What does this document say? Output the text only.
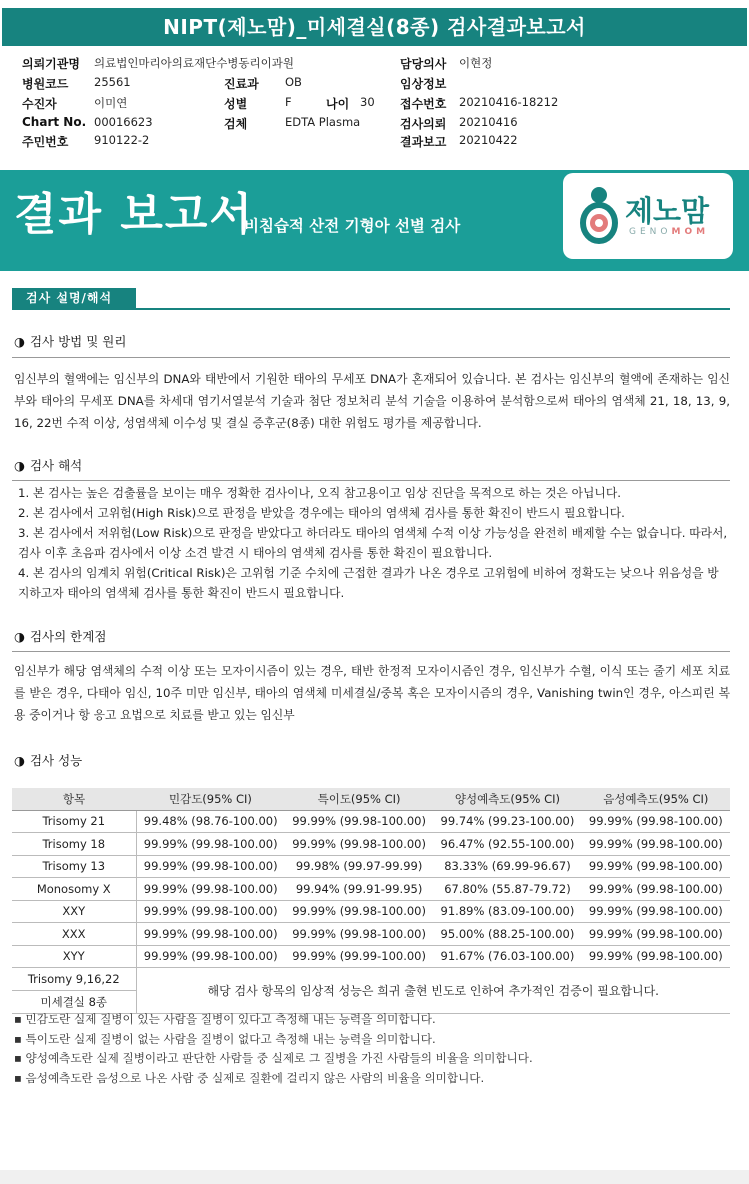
NIPT(제노맘)_미세결실(8종) 검사결과보고서
의뢰기관명 의료법인마리아의료재단수병동리이과원	담당의사 이현정
병원코드 25561	진료과 OB	임상정보
수진자	이미연	성별	F	나이 30 접수번호 20210416-18212
Chart No. 00016623	검체	EDTA Plasma	검사의뢰 20210416
주민번호 910122-2	결과보고 20210422
결과 보고서
비침습적 산전 기형아 선별 검사	제노맘
GENOMOM
검사 설명/해석
◑ 검사 방법 및 원리
임신부의 혈액에는 임신부의 DNA와 태반에서 기원한 태아의 무세포 DNA가 혼재되어 있습니다. 본 검사는 임신부의 혈액에 존재하는 임신부와 태아의 무세포 DNA를 차세대 염기서열분석 기술과 첨단 정보처리 분석 기술을 이용하여 분석함으로써 태아의 염색체 21, 18, 13, 9, 16, 22번 수적 이상, 성염색체 이수성 및 결실 증후군(8종) 대한 위험도 평가를 제공합니다.
◑ 검사 해석
1. 본 검사는 높은 검출률을 보이는 매우 정확한 검사이나, 오직 참고용이고 임상 진단을 목적으로 하는 것은 아닙니다.
2. 본 검사에서 고위험(High Risk)으로 판정을 받았을 경우에는 태아의 염색체 검사를 통한 확진이 반드시 필요합니다.
3. 본 검사에서 저위험(Low Risk)으로 판정을 받았다고 하더라도 태아의 염색체 수적 이상 가능성을 완전히 배제할 수는 없습니다. 따라서, 검사 이후 초음파 검사에서 이상 소견 발견 시 태아의 염색체 검사를 통한 확진이 필요합니다.
4. 본 검사의 임계치 위험(Critical Risk)은 고위험 기준 수치에 근접한 결과가 나온 경우로 고위험에 비하여 정확도는 낮으나 위음성을 방지하고자 태아의 염색체 검사를 통한 확진이 반드시 필요합니다.
◑ 검사의 한계점
임신부가 해당 염색체의 수적 이상 또는 모자이시즘이 있는 경우, 태반 한정적 모자이시즘인 경우, 임신부가 수혈, 이식 또는 줄기 세포 치료를 받은 경우, 다태아 임신, 10주 미만 임신부, 태아의 염색체 미세결실/중복 혹은 모자이시즘의 경우, Vanishing twin인 경우, 아스피린 복용 중이거나 항 응고 요법으로 치료를 받고 있는 임신부
◑ 검사 성능
항목	민감도(95% CI)	특이도(95% CI)	양성예측도(95% CI)	음성예측도(95% CI)
Trisomy 21	99.48% (98.76-100.00)	99.99% (99.98-100.00)	99.74% (99.23-100.00)	99.99% (99.98-100.00)
Trisomy 18	99.99% (99.98-100.00)	99.99% (99.98-100.00)	96.47% (92.55-100.00)	99.99% (99.98-100.00)
Trisomy 13	99.99% (99.98-100.00)	99.98% (99.97-99.99)	83.33% (69.99-96.67)	99.99% (99.98-100.00)
Monosomy X	99.99% (99.98-100.00)	99.94% (99.91-99.95)	67.80% (55.87-79.72)	99.99% (99.98-100.00)
XXY	99.99% (99.98-100.00)	99.99% (99.98-100.00)	91.89% (83.09-100.00)	99.99% (99.98-100.00)
XXX	99.99% (99.98-100.00)	99.99% (99.98-100.00)	95.00% (88.25-100.00)	99.99% (99.98-100.00)
XYY	99.99% (99.98-100.00)	99.99% (99.99-100.00)	91.67% (76.03-100.00)	99.99% (99.98-100.00)
Trisomy 9,16,22	해당 검사 항목의 임상적 성능은 희귀 출현 빈도로 인하여 추가적인 검증이 필요합니다.			
미세결실 8종				
▪ 민감도란 실제 질병이 있는 사람을 질병이 있다고 측정해 내는 능력을 의미합니다.
▪ 특이도란 실제 질병이 없는 사람을 질병이 없다고 측정해 내는 능력을 의미합니다.
▪ 양성예측도란 실제 질병이라고 판단한 사람들 중 실제로 그 질병을 가진 사람들의 비율을 의미합니다.
▪ 음성예측도란 음성으로 나온 사람 중 실제로 질환에 걸리지 않은 사람의 비율을 의미합니다.
